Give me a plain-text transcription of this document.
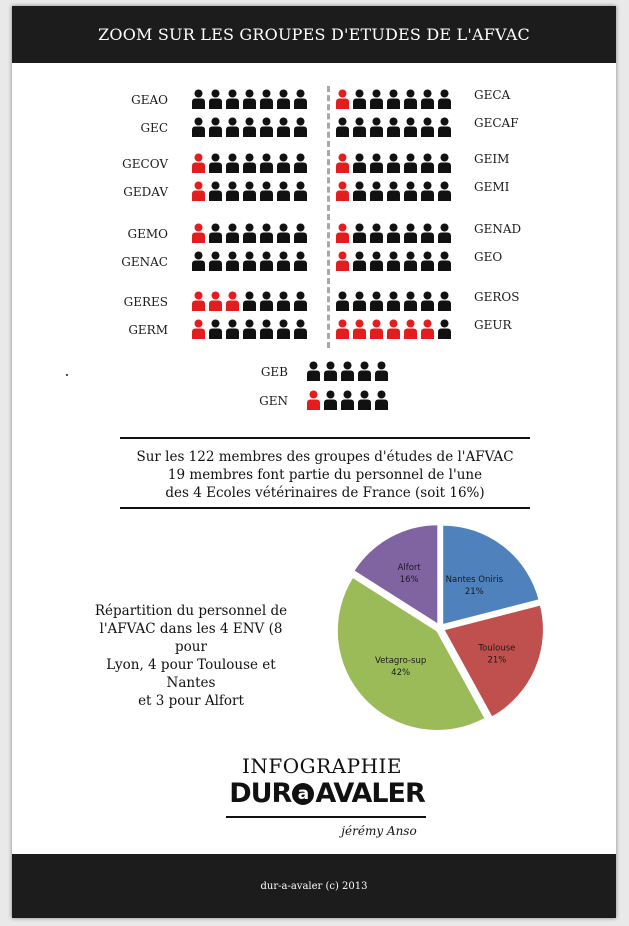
ZOOM SUR LES GROUPES D'ETUDES DE L'AFVAC
GEAO
GEC
GECOV
GEDAV
GEMO
GENAC
GERES
GERM
GECA
GECAF
GEIM
GEMI
GENAD
GEO
GEROS
GEUR
GEB
GEN
Sur les 122 membres des groupes d'études de l'AFVAC
19 membres font partie du personnel de l'une
des 4 Ecoles vétérinaires de France (soit 16%)
Répartition du personnel de
l'AFVAC dans les 4 ENV (8 pour
Lyon, 4 pour Toulouse et Nantes
et 3 pour Alfort
Nantes Oniris
21%
Toulouse
21%
Vetagro-sup
42%
Alfort
16%
INFOGRAPHIE
DUR a AVALER
jérémy Anso
dur-a-avaler (c) 2013
